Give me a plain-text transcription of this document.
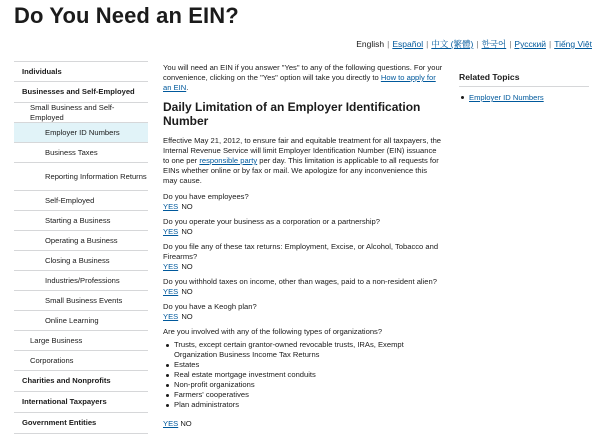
Do You Need an EIN?
English | Español | 中文 (繁體) | 한국어 | Русский | Tiếng Việt
Individuals
Businesses and Self-Employed
Small Business and Self-Employed
Employer ID Numbers
Business Taxes
Reporting Information Returns
Self-Employed
Starting a Business
Operating a Business
Closing a Business
Industries/Professions
Small Business Events
Online Learning
Large Business
Corporations
Charities and Nonprofits
International Taxpayers
Government Entities

You will need an EIN if you answer "Yes" to any of the following questions. For your convenience, clicking on the "Yes" option will take you directly to How to apply for an EIN.

Daily Limitation of an Employer Identification Number

Effective May 21, 2012, to ensure fair and equitable treatment for all taxpayers, the Internal Revenue Service will limit Employer Identification Number (EIN) issuance to one per responsible party per day. This limitation is applicable to all requests for EINs whether online or by fax or mail. We apologize for any inconvenience this may cause.

Do you have employees?
YES NO
Do you operate your business as a corporation or a partnership?
YES NO
Do you file any of these tax returns: Employment, Excise, or Alcohol, Tobacco and Firearms?
YES NO
Do you withhold taxes on income, other than wages, paid to a non-resident alien?
YES NO
Do you have a Keogh plan?
YES NO
Are you involved with any of the following types of organizations?
Trusts, except certain grantor-owned revocable trusts, IRAs, Exempt Organization Business Income Tax Returns
Estates
Real estate mortgage investment conduits
Non-profit organizations
Farmers' cooperatives
Plan administrators
YES NO
Related Topics
Employer ID Numbers
